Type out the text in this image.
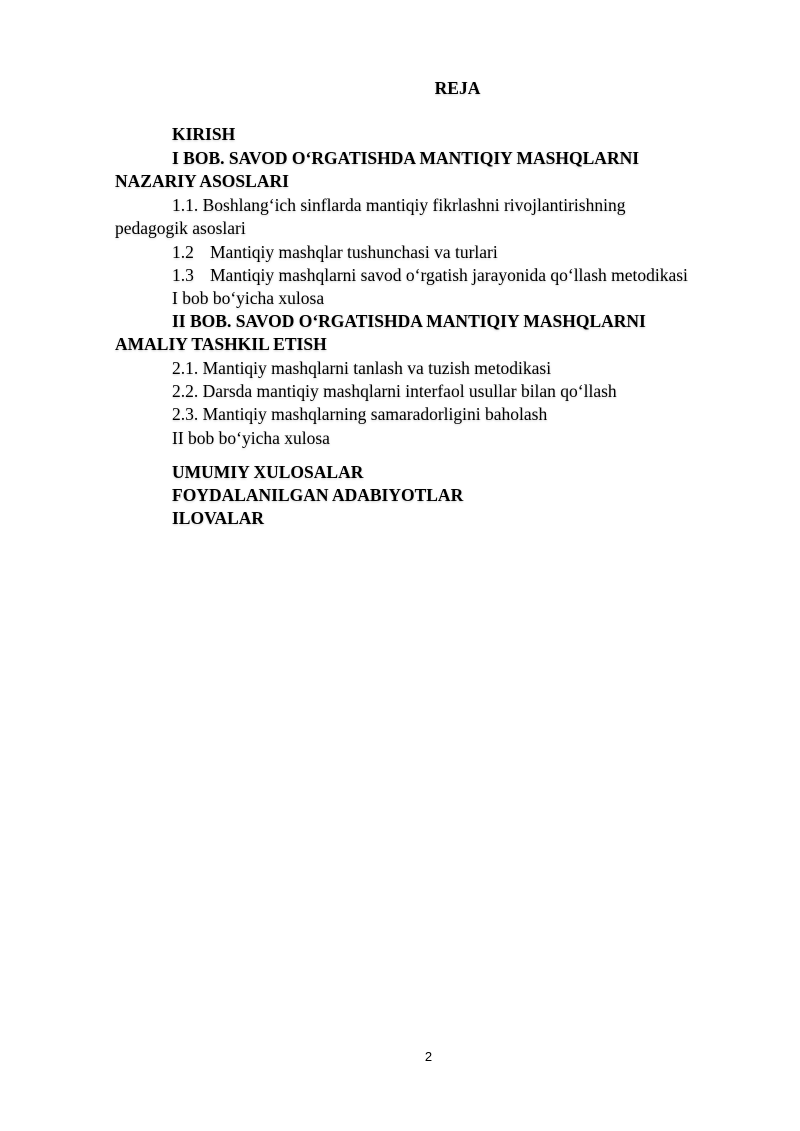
REJA
KIRISH
I BOB. SAVOD O‘RGATISHDA MANTIQIY MASHQLARNI
NAZARIY ASOSLARI
1.1. Boshlang‘ich sinflarda mantiqiy fikrlashni rivojlantirishning
pedagogik asoslari
1.2 Mantiqiy mashqlar tushunchasi va turlari
1.3 Mantiqiy mashqlarni savod o‘rgatish jarayonida qo‘llash metodikasi
I bob bo‘yicha xulosa
II BOB. SAVOD O‘RGATISHDA MANTIQIY MASHQLARNI
AMALIY TASHKIL ETISH
2.1. Mantiqiy mashqlarni tanlash va tuzish metodikasi
2.2. Darsda mantiqiy mashqlarni interfaol usullar bilan qo‘llash
2.3. Mantiqiy mashqlarning samaradorligini baholash
II bob bo‘yicha xulosa
UMUMIY XULOSALAR
FOYDALANILGAN ADABIYOTLAR
ILOVALAR
2
